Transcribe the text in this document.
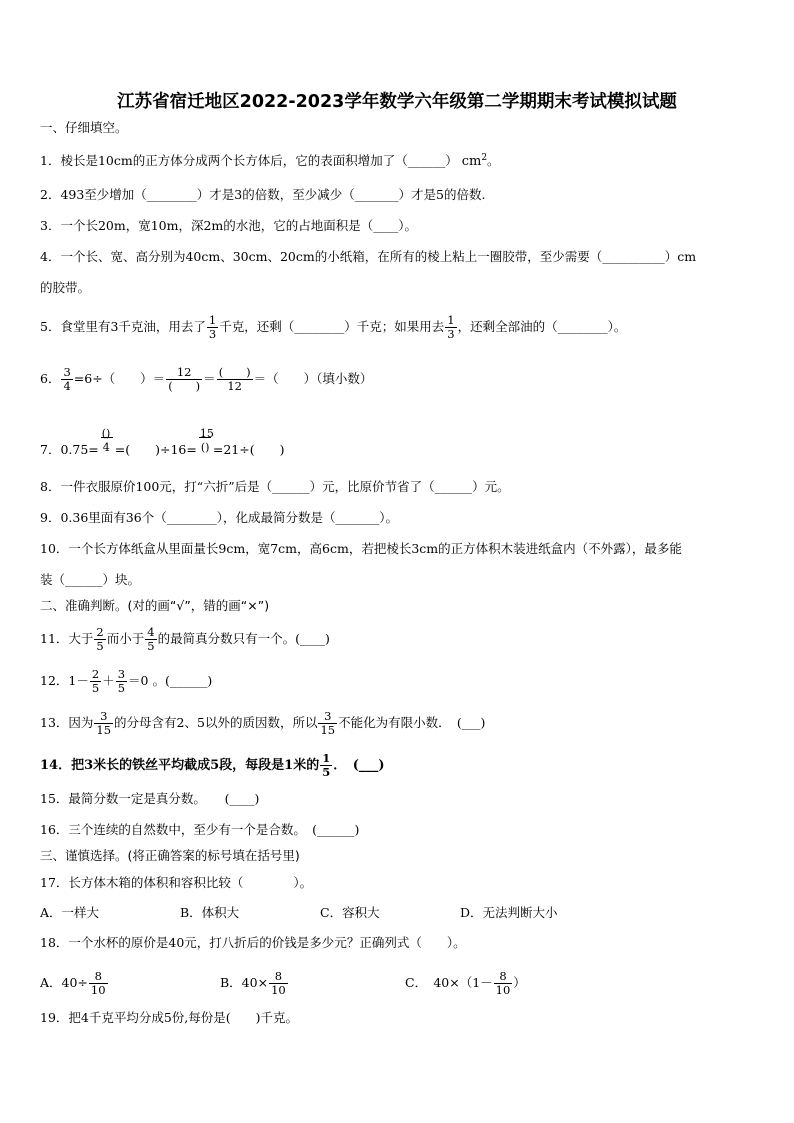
江苏省宿迁地区2022-2023学年数学六年级第二学期期末考试模拟试题
一、仔细填空。
1．棱长是10cm的正方体分成两个长方体后，它的表面积增加了（______） $cm^2$。
2．493至少增加（________）才是3的倍数，至少减少（_______）才是5的倍数.
3．一个长20m，宽10m，深2m的水池，它的占地面积是（____）。
4．一个长、宽、高分别为40cm、30cm、20cm的小纸箱，在所有的棱上粘上一圈胶带，至少需要（__________）cm
的胶带。
5．食堂里有3千克油，用去了 $\frac{1}{3}$ 千克，还剩（________）千克；如果用去 $\frac{1}{3}$ ，还剩全部油的（________）。
6． $\frac{3}{4} =6\div$（　　）＝	12
(　　) ＝ (　　)
12 ＝（　　）（填小数）
7．0.75=
()
4 =(　　)÷16=
15
() =21÷(　　)
8．一件衣服原价100元，打“六折”后是（______）元，比原价节省了（______）元。
9．0.36里面有36个（________），化成最简分数是（_______）。
10．一个长方体纸盒从里面量长9cm，宽7cm，高6cm，若把棱长3cm的正方体积木装进纸盒内（不外露），最多能
装（______）块。
二、准确判断。(对的画“√”，错的画“×”)
11．大于 $\frac{2}{5}$ 而小于 $\frac{4}{5}$ 的最简真分数只有一个。(____)
12．$1- \frac{2}{5} + \frac{3}{5} =0$ 。(______)
13．因为 $\frac{3}{15}$ 的分母含有2、5以外的质因数，所以 $\frac{3}{15}$ 不能化为有限小数．　(___)
14．把3米长的铁丝平均截成5段，每段是1米的 $\frac{1}{5}$ ．　(___)
15．最简分数一定是真分数。　　(____)
16．三个连续的自然数中，至少有一个是合数。　(______)
三、谨慎选择。(将正确答案的标号填在括号里)
17．长方体木箱的体积和容积比较（　　　　）。
A．一样大	B．体积大	C．容积大	D．无法判断大小
18．一个水杯的原价是40元，打八折后的价钱是多少元？正确列式（　　）。
A．$40\div \frac{8}{10}$	B．$40\times \frac{8}{10}$	C．　$40\times(1- \frac{8}{10}$ ）
19．把4千克平均分成5份,每份是(　　)千克。
